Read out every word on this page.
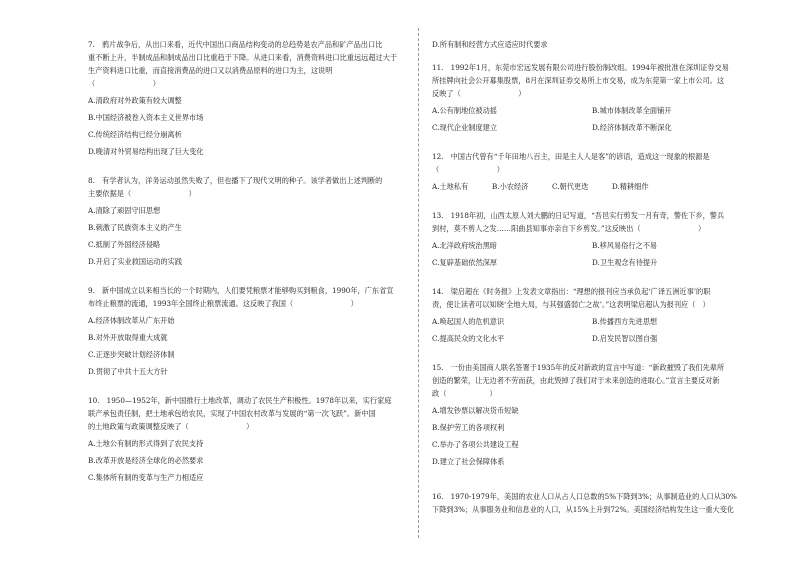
7.　鸦片战争后，从出口来看，近代中国出口商品结构变动的总趋势是农产品和矿产品出口比
重不断上升，半制成品和制成品出口比重趋于下降。从进口来看，消费资料进口比重远远超过大于
生产资料进口比重，而直接消费品的进口又以消费品原料的进口为主，这说明
（　　　　　　　　）
A.清政府对外政策有较大调整
B.中国经济被卷入资本主义世界市场
C.传统经济结构已经分崩离析
D.晚清对外贸易结构出现了巨大变化
8.　有学者认为，洋务运动虽然失败了，但也播下了现代文明的种子。该学者做出上述判断的
主要依据是（　　　　　　　　）
A.清除了顽固守旧思想
B.刺激了民族资本主义的产生
C.抵制了外国经济侵略
D.开启了实业救国运动的实践
9.　新中国成立以来相当长的一个时期内，人们要凭粮票才能够购买到粮食，1990年，广东省宣
布终止粮票的流通，1993年全国终止粮票流通。这反映了我国（　　　　　　　　）
A.经济体制改革从广东开始
B.对外开放取得重大成就
C.正逐步突破计划经济体制
D.贯彻了中共十五大方针
10.　1950—1952年，新中国推行土地改革，调动了农民生产积极性。1978年以来，实行家庭
联产承包责任制，把土地承包给农民，实现了中国农村改革与发展的“第一次飞跃”。新中国
的土地政策与政策调整反映了（　　　　　　　　）
A.土地公有制的形式得到了农民支持
B.改革开放是经济全球化的必然要求
C.集体所有制的变革与生产力相适应
D.所有制和经营方式应适应时代要求
11.　1992年1月，东莞市宏远发展有限公司进行股份制改组。1994年被批准在深圳证券交易
所挂牌向社会公开募集股票，8月在深圳证券交易所上市交易，成为东莞第一家上市公司。这
反映了（　　　　　　　　）
A.公有制地位被动摇	B.城市体制改革全面铺开
C.现代企业制度建立	D.经济体制改革不断深化
12.　中国古代曾有“千年田地八百主，田是主人人是客”的谚语，造成这一现象的根源是
（　　　　　　　　）
A.土地私有	B.小农经济	C.朝代更迭	D.精耕细作
13.　1918年初，山西太原人刘大鹏的日记写道，“吾邑实行剪发一月有奇，警佐下乡，警兵
到村，莫不剪人之发……阳曲县知事亦亲自下乡剪发。”这反映出（　　　　　　　　）
A.北洋政府统治黑暗	B.移风易俗行之不易
C.复辟基础依然深厚	D.卫生观念有待提升
14.　梁启超在《时务报》上发表文章指出：“理想的报刊应当承负起‘广译五洲近事’的职
责，使让读者可以知晓‘全地大局，与其强盛弱亡之故’。”这表明梁启超认为报刊应（　）
A.唤起国人的危机意识	B.传播西方先进思想
C.提高民众的文化水平	D.启发民智以图自强
15.　一份由美国商人联名签署于1935年的反对新政的宣言中写道：“新政摧毁了我们先辈所
创造的繁荣，让无边者不劳而获，由此毁掉了我们对于未来创造的进取心。”宣言主要反对新
政（　　　　　　）
A.增发钞票以解决货币短缺
B.保护劳工的各项权利
C.举办了各项公共建设工程
D.建立了社会保障体系
16.　1970-1979年，美国的农业人口从占人口总数的5%下降到3%；从事制造业的人口从30%
下降到3%；从事服务业和信息业的人口，从15%上升到72%。美国经济结构发生这一重大变化
